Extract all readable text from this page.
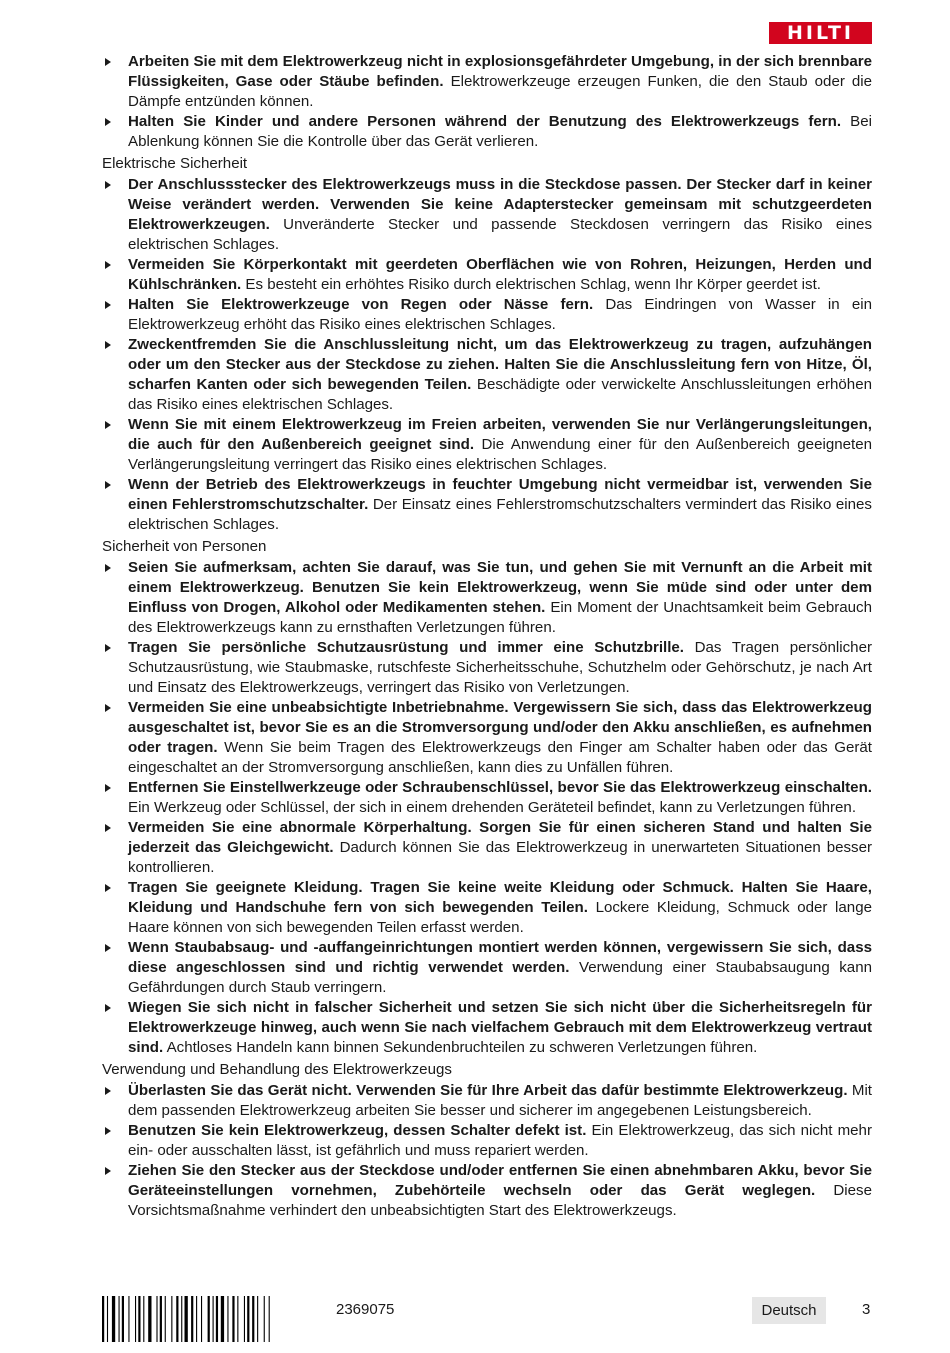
HILTI
Arbeiten Sie mit dem Elektrowerkzeug nicht in explosionsgefährdeter Umgebung, in der sich brennbare Flüssigkeiten, Gase oder Stäube befinden. Elektrowerkzeuge erzeugen Funken, die den Staub oder die Dämpfe entzünden können.
Halten Sie Kinder und andere Personen während der Benutzung des Elektrowerkzeugs fern. Bei Ablenkung können Sie die Kontrolle über das Gerät verlieren.
Elektrische Sicherheit
Der Anschlussstecker des Elektrowerkzeugs muss in die Steckdose passen. Der Stecker darf in keiner Weise verändert werden. Verwenden Sie keine Adapterstecker gemeinsam mit schutzgeerdeten Elektrowerkzeugen. Unveränderte Stecker und passende Steckdosen verringern das Risiko eines elektrischen Schlages.
Vermeiden Sie Körperkontakt mit geerdeten Oberflächen wie von Rohren, Heizungen, Herden und Kühlschränken. Es besteht ein erhöhtes Risiko durch elektrischen Schlag, wenn Ihr Körper geerdet ist.
Halten Sie Elektrowerkzeuge von Regen oder Nässe fern. Das Eindringen von Wasser in ein Elektrowerkzeug erhöht das Risiko eines elektrischen Schlages.
Zweckentfremden Sie die Anschlussleitung nicht, um das Elektrowerkzeug zu tragen, aufzuhängen oder um den Stecker aus der Steckdose zu ziehen. Halten Sie die Anschlussleitung fern von Hitze, Öl, scharfen Kanten oder sich bewegenden Teilen. Beschädigte oder verwickelte Anschlussleitungen erhöhen das Risiko eines elektrischen Schlages.
Wenn Sie mit einem Elektrowerkzeug im Freien arbeiten, verwenden Sie nur Verlängerungsleitungen, die auch für den Außenbereich geeignet sind. Die Anwendung einer für den Außenbereich geeigneten Verlängerungsleitung verringert das Risiko eines elektrischen Schlages.
Wenn der Betrieb des Elektrowerkzeugs in feuchter Umgebung nicht vermeidbar ist, verwenden Sie einen Fehlerstromschutzschalter. Der Einsatz eines Fehlerstromschutzschalters vermindert das Risiko eines elektrischen Schlages.
Sicherheit von Personen
Seien Sie aufmerksam, achten Sie darauf, was Sie tun, und gehen Sie mit Vernunft an die Arbeit mit einem Elektrowerkzeug. Benutzen Sie kein Elektrowerkzeug, wenn Sie müde sind oder unter dem Einfluss von Drogen, Alkohol oder Medikamenten stehen. Ein Moment der Unachtsamkeit beim Gebrauch des Elektrowerkzeugs kann zu ernsthaften Verletzungen führen.
Tragen Sie persönliche Schutzausrüstung und immer eine Schutzbrille. Das Tragen persönlicher Schutzausrüstung, wie Staubmaske, rutschfeste Sicherheitsschuhe, Schutzhelm oder Gehörschutz, je nach Art und Einsatz des Elektrowerkzeugs, verringert das Risiko von Verletzungen.
Vermeiden Sie eine unbeabsichtigte Inbetriebnahme. Vergewissern Sie sich, dass das Elektrowerkzeug ausgeschaltet ist, bevor Sie es an die Stromversorgung und/oder den Akku anschließen, es aufnehmen oder tragen. Wenn Sie beim Tragen des Elektrowerkzeugs den Finger am Schalter haben oder das Gerät eingeschaltet an der Stromversorgung anschließen, kann dies zu Unfällen führen.
Entfernen Sie Einstellwerkzeuge oder Schraubenschlüssel, bevor Sie das Elektrowerkzeug einschalten. Ein Werkzeug oder Schlüssel, der sich in einem drehenden Geräteteil befindet, kann zu Verletzungen führen.
Vermeiden Sie eine abnormale Körperhaltung. Sorgen Sie für einen sicheren Stand und halten Sie jederzeit das Gleichgewicht. Dadurch können Sie das Elektrowerkzeug in unerwarteten Situationen besser kontrollieren.
Tragen Sie geeignete Kleidung. Tragen Sie keine weite Kleidung oder Schmuck. Halten Sie Haare, Kleidung und Handschuhe fern von sich bewegenden Teilen. Lockere Kleidung, Schmuck oder lange Haare können von sich bewegenden Teilen erfasst werden.
Wenn Staubabsaug- und -auffangeinrichtungen montiert werden können, vergewissern Sie sich, dass diese angeschlossen sind und richtig verwendet werden. Verwendung einer Staubabsaugung kann Gefährdungen durch Staub verringern.
Wiegen Sie sich nicht in falscher Sicherheit und setzen Sie sich nicht über die Sicherheitsregeln für Elektrowerkzeuge hinweg, auch wenn Sie nach vielfachem Gebrauch mit dem Elektrowerkzeug vertraut sind. Achtloses Handeln kann binnen Sekundenbruchteilen zu schweren Verletzungen führen.
Verwendung und Behandlung des Elektrowerkzeugs
Überlasten Sie das Gerät nicht. Verwenden Sie für Ihre Arbeit das dafür bestimmte Elektrowerkzeug. Mit dem passenden Elektrowerkzeug arbeiten Sie besser und sicherer im angegebenen Leistungsbereich.
Benutzen Sie kein Elektrowerkzeug, dessen Schalter defekt ist. Ein Elektrowerkzeug, das sich nicht mehr ein- oder ausschalten lässt, ist gefährlich und muss repariert werden.
Ziehen Sie den Stecker aus der Steckdose und/oder entfernen Sie einen abnehmbaren Akku, bevor Sie Geräteeinstellungen vornehmen, Zubehörteile wechseln oder das Gerät weglegen. Diese Vorsichtsmaßnahme verhindert den unbeabsichtigten Start des Elektrowerkzeugs.
2369075	Deutsch	3
